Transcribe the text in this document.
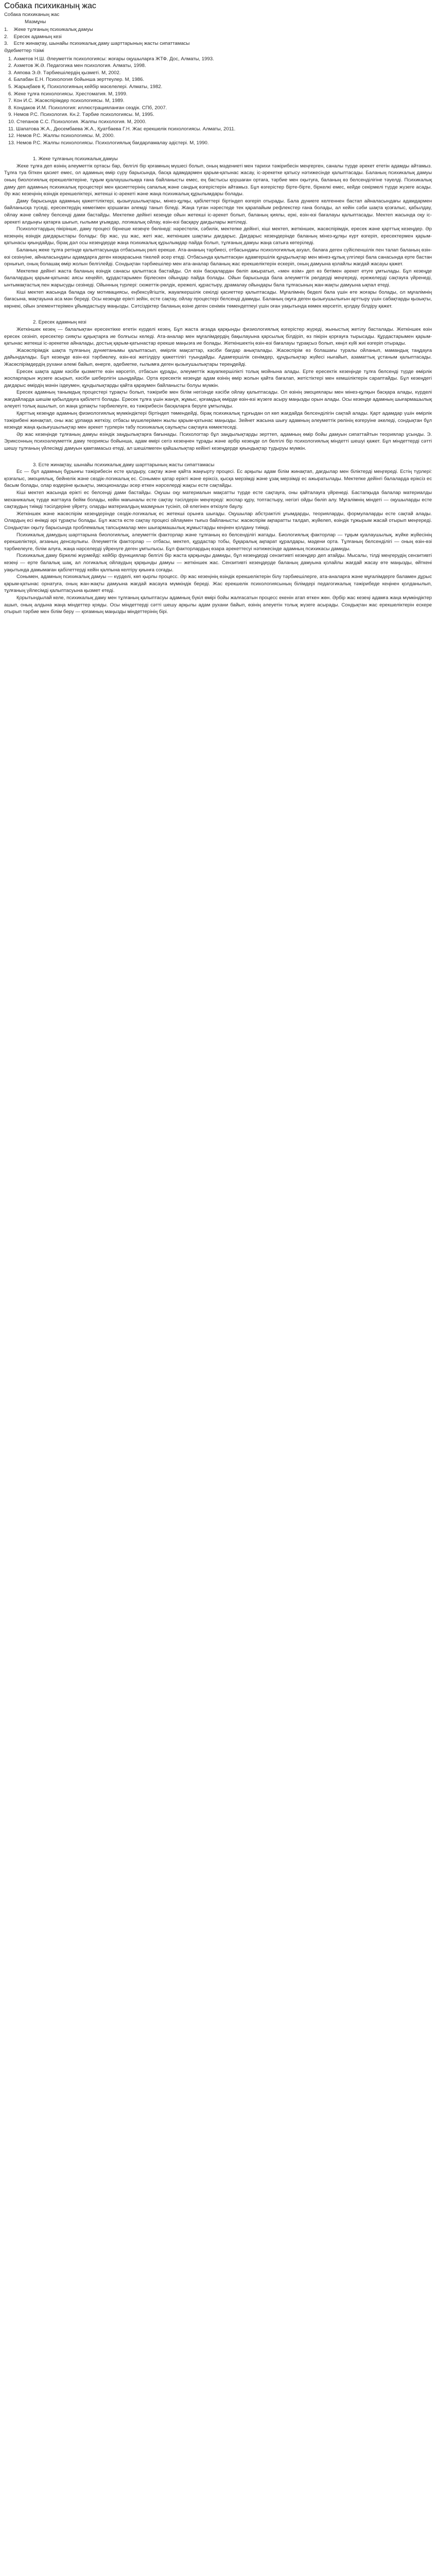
Собака психиканың жас

Собака психиканың жас

Мазмұны

1.    Жеке тұлғаның психикалық дамуы
2.    Ересек адамның кезі
3.    Есте жинақтау, шынайы психикалық даму шарттарының жасты сипаттамасы
Әдебиеттер тізімі
1. Ахметов Н.Ш. Әлеуметтік психологиясы: жоғары оқушыларға ЖТФ. Дос, Алматы, 1993.
2. Ахметов Ж.Ә. Педагогика мен психология. Алматы, 1998.
3. Аяпова Э.Ә. Тәрбиешілердің қызметі. М, 2002.
4. Балабан Е.Н. Психология бойынша зерттеулер. М, 1986.
5. Жарықбаев Қ. Психологияның кейбір мәселелері. Алматы, 1982.
6. Жеке тұлға психологиясы. Хрестоматия. М, 1999.
7. Кон И.С. Жасөспірімдер психологиясы. М, 1989.
8. Кондаков И.М. Психология: иллюстрацияланған сөздік. СПб, 2007.
9. Немов Р.С. Психология. Кн.2. Тәрбие психологиясы. М, 1995.
10. Степанов С.С. Психология. Жалпы психология. М, 2000.
11. Шапатова Ж.А., Дюсембаева Ж.А., Қуатбаева Г.Н. Жас ерекшелік психологиясы. Алматы, 2011.
12. Немов Р.С. Жалпы психологиясы. М, 2000.
13. Немов Р.С. Жалпы психологиясы. Психологиялық бағдарламалау әдістері. М, 1990.

1. Жеке тұлғаның психикалық дамуы

Жеке тұлға деп өзінің әлеуметтік ортасы бар, белгілі бір қоғамның мүшесі болып, оның мәдениеті мен тарихи тәжірибесін меңгерген, саналы түрде әрекет ететін адамды айтамыз. Тұлға туа біткен қасиет емес, ол адамның өмір сүру барысында, басқа адамдармен қарым-қатынас жасау, іс-әрекетке қатысу нәтижесінде қалыптасады. Баланың психикалық дамуы оның биологиялық ерекшеліктеріне, тұқым қуалаушылыққа ғана байланысты емес, ең бастысы қоршаған ортаға, тәрбие мен оқытуға, баланың өз белсенділігіне тәуелді. Психикалық даму деп адамның психикалық процестері мен қасиеттерінің сапалық және сандық өзгерістерін айтамыз. Бұл өзгерістер бірте-бірте, біркелкі емес, кейде секірмелі түрде жүзеге асады. Әр жас кезеңінің өзіндік ерекшеліктері, жетекші іс-әрекеті және жаңа психикалық құрылымдары болады.

Даму барысында адамның қажеттіліктері, қызығушылықтары, мінез-құлқы, қабілеттері біртіндеп өзгеріп отырады. Бала дүниеге келгеннен бастап айналасындағы адамдармен байланысқа түседі, ересектердің көмегімен қоршаған әлемді танып біледі. Жаңа туған нәрестеде тек қарапайым рефлекстер ғана болады, ал кейін сәби шақта қозғалыс, қабылдау, ойлау және сөйлеу белсенді дами бастайды. Мектепке дейінгі кезеңде ойын жетекші іс-әрекет болып, баланың қиялы, еркі, өзін-өзі бағалауы қалыптасады. Мектеп жасында оқу іс-әрекеті алдыңғы қатарға шығып, ғылыми ұғымдар, логикалық ойлау, өзін-өзі басқару дағдылары жетіледі.

Психологтардың пікірінше, даму процесі бірнеше кезеңге бөлінеді: нәрестелік, сәбилік, мектепке дейінгі, кіші мектеп, жеткіншек, жасөспірімдік, ересек және қарттық кезеңдер. Әр кезеңнің өзіндік дағдарыстары болады: бір жас, үш жас, жеті жас, жеткіншек шақтағы дағдарыс. Дағдарыс кезеңдерінде баланың мінез-құлқы күрт өзгеріп, ересектермен қарым-қатынасы қиындайды, бірақ дәл осы кезеңдерде жаңа психикалық құрылымдар пайда болып, тұлғаның дамуы жаңа сатыға көтеріледі.

Баланың жеке тұлға ретінде қалыптасуында отбасының рөлі ерекше. Ата-ананың тәрбиесі, отбасындағы психологиялық ахуал, балаға деген сүйіспеншілік пен талап баланың өзін-өзі сезінуіне, айналасындағы адамдарға деген көзқарасына тікелей әсер етеді. Отбасында қалыптасқан адамгершілік құндылықтар мен мінез-құлық үлгілері бала санасында ерте бастан орнығып, оның болашақ өмір жолын белгілейді. Сондықтан тәрбиешілер мен ата-аналар баланың жас ерекшеліктерін ескеріп, оның дамуына қолайлы жағдай жасауы қажет.

Мектепке дейінгі жаста баланың өзіндік санасы қалыптаса бастайды. Ол өзін басқалардан бөліп ажыратып, «мен өзім» деп өз бетімен әрекет етуге ұмтылады. Бұл кезеңде балалардың қарым-қатынас аясы кеңейіп, құрдастарымен бірлескен ойындар пайда болады. Ойын барысында бала әлеуметтік рөлдерді меңгереді, ережелерді сақтауға үйренеді, ынтымақтастық пен жарысуды сезінеді. Ойынның түрлері: сюжеттік-рөлдік, ережелі, құрастыру, драмалау ойындары бала тұлғасының жан-жақты дамуына ықпал етеді.

Кіші мектеп жасында балада оқу мотивациясы, еңбексүйгіштік, жауапкершілік секілді қасиеттер қалыптасады. Мұғалімнің беделі бала үшін өте жоғары болады, ол мұғалімнің бағасына, мақтауына аса мән береді. Осы кезеңде ерікті зейін, есте сақтау, ойлау процестері белсенді дамиды. Баланың оқуға деген қызығушылығын арттыру үшін сабақтарды қызықты, көрнекі, ойын элементтерімен ұйымдастыру маңызды. Сәтсіздіктер баланың өзіне деген сенімін төмендетпеуі үшін оған уақытында көмек көрсетіп, қолдау білдіру қажет.

2. Ересек адамның кезі

Жеткіншек кезең — балалықтан ересектікке өтетін күрделі кезең. Бұл жаста ағзада қарқынды физиологиялық өзгерістер жүреді, жыныстық жетілу басталады. Жеткіншек өзін ересек сезініп, ересектер сияқты құқықтарға ие болғысы келеді. Ата-аналар мен мұғалімдердің бақылауына қарсылық білдіріп, өз пікірін қорғауға тырысады. Құрдастарымен қарым-қатынас жетекші іс-әрекетке айналады, достық қарым-қатынастар ерекше маңызға ие болады. Жеткіншектің өзін-өзі бағалауы тұрақсыз болып, көңіл күйі жиі өзгеріп отырады.

Жасөспірімдік шақта тұлғаның дүниетанымы қалыптасып, өмірлік мақсаттар, кәсіби бағдар анықталады. Жасөспірім өз болашағы туралы ойланып, мамандық таңдауға дайындалады. Бұл кезеңде өзін-өзі тәрбиелеу, өзін-өзі жетілдіру қажеттілігі туындайды. Адамгершілік сенімдер, құндылықтар жүйесі нығайып, азаматтық ұстаным қалыптасады. Жасөспірімдердің рухани әлемі байып, өнерге, әдебиетке, ғылымға деген қызығушылықтары тереңдейді.

Ересек шақта адам кәсіби қызметте өзін көрсетіп, отбасын құрады, әлеуметтік жауапкершілікті толық мойнына алады. Ерте ересектік кезеңінде тұлға белсенді түрде өмірлік жоспарларын жүзеге асырып, кәсіби шеберлігін шыңдайды. Орта ересектік кезеңде адам өзінің өмір жолын қайта бағалап, жетістіктері мен кемшіліктерін сараптайды. Бұл кезеңдегі дағдарыс өмірдің мәнін іздеумен, құндылықтарды қайта қараумен байланысты болуы мүмкін.

Ересек адамның танымдық процестері тұрақты болып, тәжірибе мен білім негізінде кәсіби ойлау қалыптасады. Ол өзінің эмоциялары мен мінез-құлқын басқара алады, күрделі жағдайларда шешім қабылдауға қабілетті болады. Ересек тұлға үшін жанұя, жұмыс, қоғамдық өмірде өзін-өзі жүзеге асыру маңызды орын алады. Осы кезеңде адамның шығармашылық әлеуеті толық ашылып, ол жаңа ұрпақты тәрбиелеуге, өз тәжірибесін басқаларға беруге ұмтылады.

Қарттық кезеңде адамның физиологиялық мүмкіндіктері біртіндеп төмендейді, бірақ психикалық тұрғыдан ол көп жағдайда белсенділігін сақтай алады. Қарт адамдар үшін өмірлік тәжірибені жинақтап, оны жас ұрпаққа жеткізу, отбасы мүшелерімен жылы қарым-қатынас маңызды. Зейнет жасына шығу адамның әлеуметтік рөлінің өзгеруіне әкеледі, сондықтан бұл кезеңде жаңа қызығушылықтар мен әрекет түрлерін табу психикалық саулықты сақтауға көмектеседі.

Әр жас кезеңінде тұлғаның дамуы өзіндік заңдылықтарға бағынады. Психологтар бұл заңдылықтарды зерттеп, адамның өмір бойы дамуын сипаттайтын теориялар ұсынды. Э. Эриксонның психоәлеуметтік даму теориясы бойынша, адам өмірі сегіз кезеңнен тұрады және әрбір кезеңде ол белгілі бір психологиялық міндетті шешуі қажет. Бұл міндеттерді сәтті шешу тұлғаның үйлесімді дамуын қамтамасыз етеді, ал шешілмеген қайшылықтар кейінгі кезеңдерде қиындықтар тудыруы мүмкін.

3. Есте жинақтау, шынайы психикалық даму шарттарының жасты сипаттамасы

Ес — бұл адамның бұрынғы тәжірибесін есте қалдыру, сақтау және қайта жаңғырту процесі. Ес арқылы адам білім жинақтап, дағдылар мен біліктерді меңгереді. Естің түрлері: қозғалыс, эмоциялық, бейнелік және сөздік-логикалық ес. Сонымен қатар ерікті және еріксіз, қысқа мерзімді және ұзақ мерзімді ес ажыратылады. Мектепке дейінгі балаларда еріксіз ес басым болады, олар өздеріне қызықты, эмоционалды әсер еткен нәрселерді жақсы есте сақтайды.

Кіші мектеп жасында ерікті ес белсенді дами бастайды. Оқушы оқу материалын мақсатты түрде есте сақтауға, оны қайталауға үйренеді. Бастапқыда балалар материалды механикалық түрде жаттауға бейім болады, кейін мағыналы есте сақтау тәсілдерін меңгереді: жоспар құру, топтастыру, негізгі ойды бөліп алу. Мұғалімнің міндеті — оқушыларды есте сақтаудың тиімді тәсілдеріне үйрету, оларды материалдың мазмұнын түсініп, ой елегінен өткізуге баулу.

Жеткіншек және жасөспірім кезеңдерінде сөздік-логикалық ес жетекші орынға шығады. Оқушылар абстрактілі ұғымдарды, теорияларды, формулаларды есте сақтай алады. Олардың есі өнімді әрі тұрақты болады. Бұл жаста есте сақтау процесі ойлаумен тығыз байланысты: жасөспірім ақпаратты талдап, жүйелеп, өзіндік тұжырым жасай отырып меңгереді. Сондықтан оқыту барысында проблемалық тапсырмалар мен шығармашылық жұмыстарды кеңінен қолдану тиімді.

Психикалық дамудың шарттарына биологиялық, әлеуметтік факторлар және тұлғаның өз белсенділігі жатады. Биологиялық факторлар — тұқым қуалаушылық, жүйке жүйесінің ерекшеліктері, ағзаның денсаулығы. Әлеуметтік факторлар — отбасы, мектеп, құрдастар тобы, бұқаралық ақпарат құралдары, мәдени орта. Тұлғаның белсенділігі — оның өзін-өзі тәрбиелеуге, білім алуға, жаңа нәрселерді үйренуге деген ұмтылысы. Бұл факторлардың өзара әрекеттесуі нәтижесінде адамның психикасы дамиды.

Психикалық даму біркелкі жүрмейді: кейбір функциялар белгілі бір жаста қарқынды дамиды, бұл кезеңдерді сензитивті кезеңдер деп атайды. Мысалы, тілді меңгерудің сензитивті кезеңі — ерте балалық шақ, ал логикалық ойлаудың қарқынды дамуы — жеткіншек жас. Сензитивті кезеңдерде баланың дамуына қолайлы жағдай жасау өте маңызды, өйткені уақытында дамымаған қабілеттерді кейін қалпына келтіру қиынға соғады.

Сонымен, адамның психикалық дамуы — күрделі, көп қырлы процесс. Әр жас кезеңінің өзіндік ерекшеліктерін білу тәрбиешілерге, ата-аналарға және мұғалімдерге баламен дұрыс қарым-қатынас орнатуға, оның жан-жақты дамуына жағдай жасауға мүмкіндік береді. Жас ерекшелік психологиясының білімдері педагогикалық тәжірибеде кеңінен қолданылып, тұлғаның үйлесімді қалыптасуына қызмет етеді.

Қорытындылай келе, психикалық даму мен тұлғаның қалыптасуы адамның бүкіл өмірі бойы жалғасатын процесс екенін атап өткен жөн. Әрбір жас кезеңі адамға жаңа мүмкіндіктер ашып, оның алдына жаңа міндеттер қояды. Осы міндеттерді сәтті шешу арқылы адам рухани байып, өзінің әлеуетін толық жүзеге асырады. Сондықтан жас ерекшеліктерін ескере отырып тәрбие мен білім беру — қоғамның маңызды міндеттерінің бірі.
